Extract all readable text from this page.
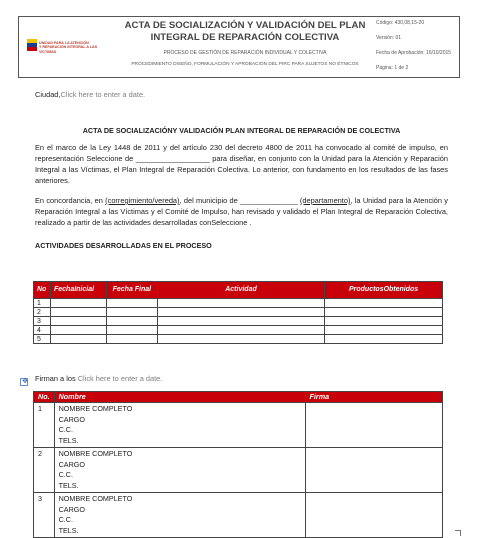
UNIDAD PARA LA ATENCIÓN
Y REPARACIÓN INTEGRAL A LAS VÍCTIMAS
ACTA DE SOCIALIZACIÓN Y VALIDACIÓN DEL PLAN INTEGRAL DE REPARACIÓN COLECTIVA
PROCESO DE GESTIÓN DE REPARACIÓN INDIVIDUAL Y COLECTIVA
PROCEDIMIENTO DISEÑO, FORMULACIÓN Y APROBACIÓN DEL PIRC PARA SUJETOS NO ÉTNICOS
Código: 430,08,15-20
Versión: 01
Fecha de Aprobación: 16/10/2015
Página: 1 de 2
Ciudad,Click here to enter a date.
ACTA DE SOCIALIZACIÓNY VALIDACIÓN PLAN INTEGRAL DE REPARACIÓN DE COLECTIVA
En el marco de la Ley 1448 de 2011 y del artículo 230 del decreto 4800 de 2011 ha convocado al comité de impulso, en representación Seleccione de __________________ para diseñar, en conjunto con la Unidad para la Atención y Reparación Integral a las Víctimas, el Plan Integral de Reparación Colectiva. Lo anterior, con fundamento en los resultados de las fases anteriores.
En concordancia, en (corregimiento/vereda), del municipio de ______________ (departamento), la Unidad para la Atención y Reparación Integral a las Víctimas y el Comité de Impulso, han revisado y validado el Plan Integral de Reparación Colectiva, realizado a partir de las actividades desarrolladas conSeleccione .
ACTIVIDADES DESARROLLADAS EN EL PROCESO
No	FechaInicial	Fecha Final	Actividad	ProductosObtenidos
1				
2				
3				
4				
5				
✥ Firman a los Click here to enter a date.
No.	Nombre	Firma
1	NOMBRE COMPLETO
CARGO
C.C.
TELS.	

2	NOMBRE COMPLETO
CARGO
C.C.
TELS.	

3	NOMBRE COMPLETO
CARGO
C.C.
TELS.	
